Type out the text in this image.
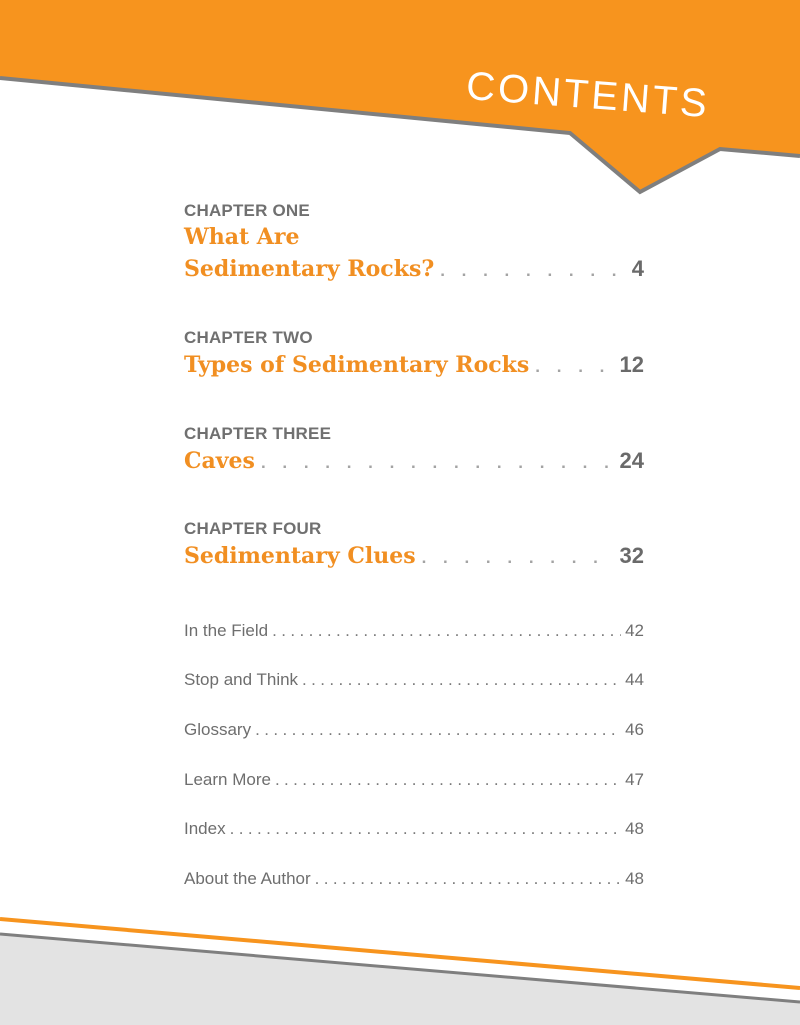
CONTENTS
CHAPTER ONE
What Are
Sedimentary Rocks? . . .	4
CHAPTER TWO
Types of Sedimentary Rocks . . .	12
CHAPTER THREE
Caves . . .	24
CHAPTER FOUR
Sedimentary Clues . . .	32
In the Field .....	42
Stop and Think .....	44
Glossary .....	46
Learn More .....	47
Index .....	48
About the Author .....	48
